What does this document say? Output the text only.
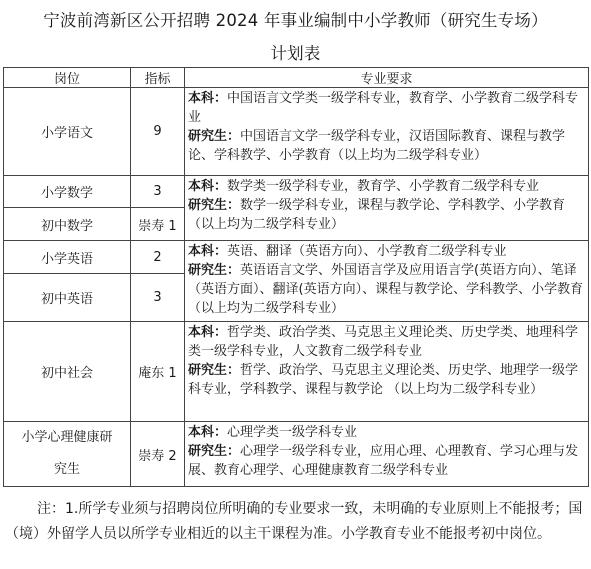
宁波前湾新区公开招聘 2024 年事业编制中小学教师（研究生专场）
计划表
岗位	指标	专业要求
小学语文	9	本科：中国语言文学类一级学科专业，教育学、小学教育二级学科专业
研究生：中国语言文学一级学科专业，汉语国际教育、课程与教学论、学科教学、小学教育（以上均为二级学科专业）

小学数学	3	本科：数学类一级学科专业，教育学、小学教育二级学科专业
研究生：数学一级学科专业，课程与教学论、学科教学、小学教育（以上均为二级学科专业）

初中数学	崇寿 1	
小学英语	2	本科：英语、翻译（英语方向）、小学教育二级学科专业
研究生：英语语言文学、外国语言学及应用语言学(英语方向）、笔译（英语方面）、翻译(英语方向）、课程与教学论、学科教学、小学教育（以上均为二级学科专业）

初中英语	3	
初中社会	庵东 1	本科：哲学类、政治学类、马克思主义理论类、历史学类、地理科学类一级学科专业，人文教育二级学科专业
研究生：哲学、政治学、马克思主义理论类、历史学、地理学一级学科专业，学科教学、课程与教学论 （以上均为二级学科专业）

小学心理健康研
究生	崇寿 2	本科：心理学类一级学科专业
研究生：心理学一级学科专业，应用心理、心理教育、学习心理与发展、教育心理学、心理健康教育二级学科专业
注：1.所学专业须与招聘岗位所明确的专业要求一致，未明确的专业原则上不能报考；国（境）外留学人员以所学专业相近的以主干课程为准。小学教育专业不能报考初中岗位。
